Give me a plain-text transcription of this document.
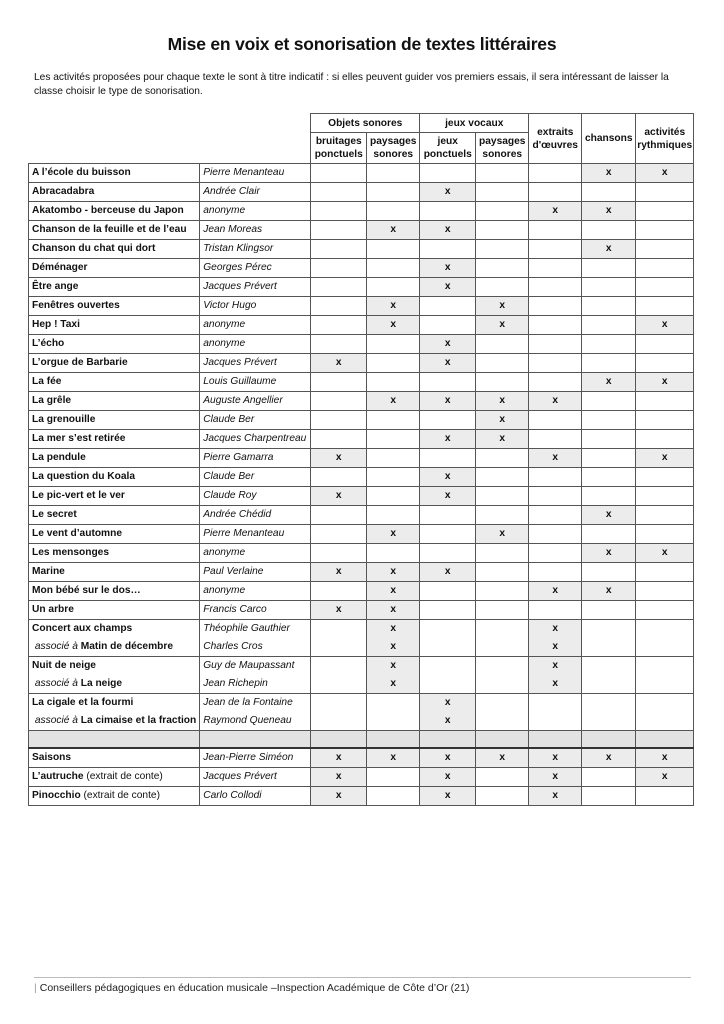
Mise en voix et sonorisation de textes littéraires
Les activités proposées pour chaque texte le sont à titre indicatif : si elles peuvent guider vos premiers essais, il sera intéressant de laisser la classe choisir le type de sonorisation.
		Objets sonores		jeux vocaux		extraits d'œuvres	chansons	activités rythmiques
		bruitages ponctuels	paysages sonores	jeux ponctuels	paysages sonores			
A l’école du buisson	Pierre Menanteau						x	x
Abracadabra	Andrée Clair			x				
Akatombo - berceuse du Japon	anonyme					x	x	
Chanson de la feuille et de l’eau	Jean Moreas		x	x				
Chanson du chat qui dort	Tristan Klingsor						x	
Déménager	Georges Pérec			x				
Être ange	Jacques Prévert			x				
Fenêtres ouvertes	Victor Hugo		x		x			
Hep ! Taxi	anonyme		x		x			x
L’écho	anonyme			x				
L’orgue de Barbarie	Jacques Prévert	x		x				
La fée	Louis Guillaume						x	x
La grêle	Auguste Angellier		x	x	x	x		
La grenouille	Claude Ber				x			
La mer s’est retirée	Jacques Charpentreau			x	x			
La pendule	Pierre Gamarra	x				x		x
La question du Koala	Claude Ber			x				
Le pic-vert et le ver	Claude Roy	x		x				
Le secret	Andrée Chédid						x	
Le vent d’automne	Pierre Menanteau		x		x			
Les mensonges	anonyme						x	x
Marine	Paul Verlaine	x	x	x				
Mon bébé sur le dos…	anonyme		x			x	x	
Un arbre	Francis Carco	x	x					
Concert aux champs	Théophile Gauthier		x			x		
associé à Matin de décembre	Charles Cros		x			x		
Nuit de neige	Guy de Maupassant		x			x		
associé à La neige	Jean Richepin		x			x		
La cigale et la fourmi	Jean de la Fontaine			x				
associé à La cimaise et la fraction	Raymond Queneau			x				

Saisons	Jean-Pierre Siméon	x	x	x	x	x	x	x
L’autruche (extrait de conte)	Jacques Prévert	x		x		x		x
Pinocchio (extrait de conte)	Carlo Collodi	x		x		x		
| Conseillers pédagogiques en éducation musicale –Inspection Académique de Côte d’Or (21)
